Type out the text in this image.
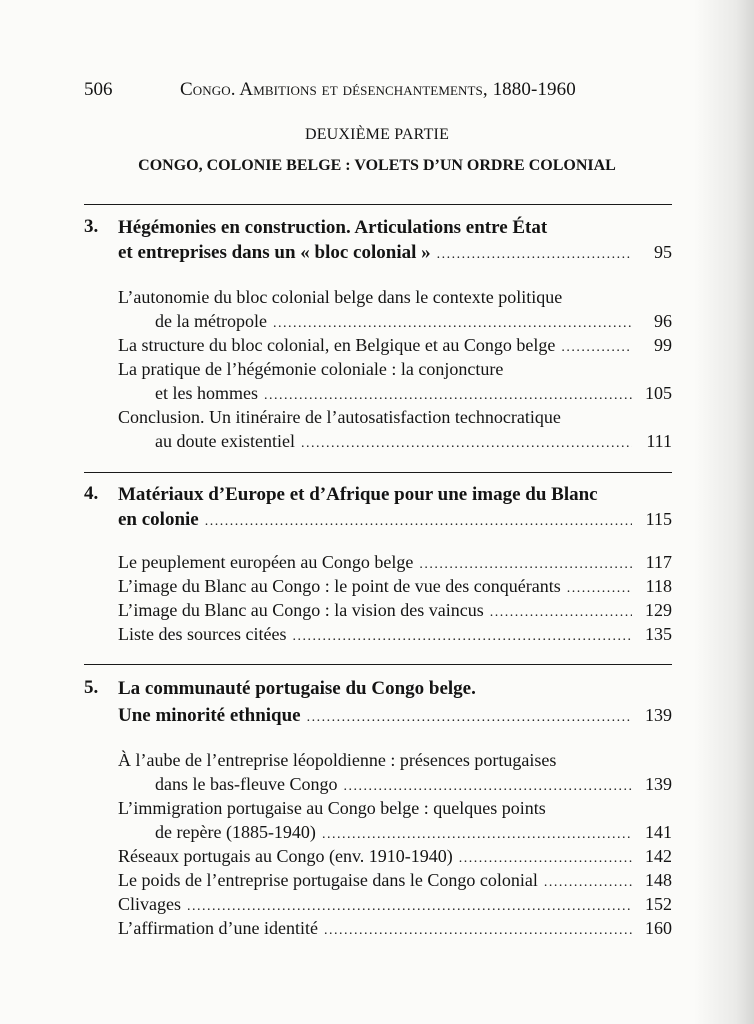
506	Congo. Ambitions et désenchantements, 1880-1960
DEUXIÈME PARTIE
CONGO, COLONIE BELGE : VOLETS D’UN ORDRE COLONIAL
3. Hégémonies en construction. Articulations entre État
et entreprises dans un « bloc colonial » .....	95
L’autonomie du bloc colonial belge dans le contexte politique
de la métropole .....	96
La structure du bloc colonial, en Belgique et au Congo belge .....	99
La pratique de l’hégémonie coloniale : la conjoncture
et les hommes .....	105
Conclusion. Un itinéraire de l’autosatisfaction technocratique
au doute existentiel .....	111
4. Matériaux d’Europe et d’Afrique pour une image du Blanc
en colonie .....	115
Le peuplement européen au Congo belge .....	117
L’image du Blanc au Congo : le point de vue des conquérants .....	118
L’image du Blanc au Congo : la vision des vaincus .....	129
Liste des sources citées .....	135
5. La communauté portugaise du Congo belge.
Une minorité ethnique .....	139
À l’aube de l’entreprise léopoldienne : présences portugaises
dans le bas-fleuve Congo .....	139
L’immigration portugaise au Congo belge : quelques points
de repère (1885-1940) .....	141
Réseaux portugais au Congo (env. 1910-1940) .....	142
Le poids de l’entreprise portugaise dans le Congo colonial .....	148
Clivages .....	152
L’affirmation d’une identité .....	160
